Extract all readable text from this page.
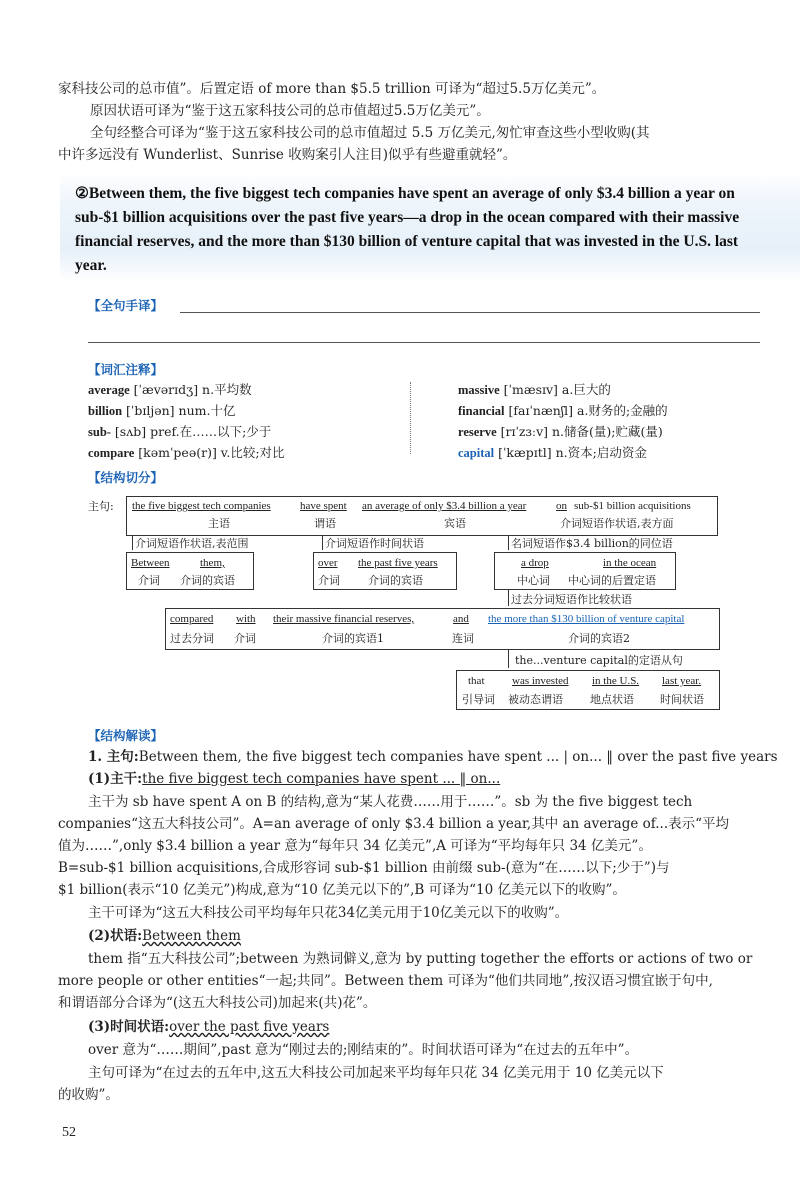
家科技公司的总市值”。后置定语 of more than $5.5 trillion 可译为“超过5.5万亿美元”。
原因状语可译为“鉴于这五家科技公司的总市值超过5.5万亿美元”。
全句经整合可译为“鉴于这五家科技公司的总市值超过 5.5 万亿美元,匆忙审查这些小型收购(其
中许多远没有 Wunderlist、Sunrise 收购案引人注目)似乎有些避重就轻”。
②Between them, the five biggest tech companies have spent an average of only $3.4 billion a year on sub-$1 billion acquisitions over the past five years—a drop in the ocean compared with their massive financial reserves, and the more than $130 billion of venture capital that was invested in the U.S. last year.
【全句手译】
【词汇注释】
average [ˈævərɪdʒ] n.平均数
billion [ˈbɪljən] num.十亿
sub- [sʌb] pref.在……以下;少于
compare [kəmˈpeə(r)] v.比较;对比
massive [ˈmæsɪv] a.巨大的
financial [faɪˈnænʃl] a.财务的;金融的
reserve [rɪˈzɜːv] n.储备(量);贮藏(量)
capital [ˈkæpɪtl] n.资本;启动资金
【结构切分】
主句: the five biggest tech companies
主语
have spent
谓语
an average of only $3.4 billion a year
宾语
on sub-$1 billion acquisitions
介词短语作状语,表方面
介词短语作状语,表范围	介词短语作时间状语	名词短语作$3.4 billion的同位语
Between	them,
介词 介词的宾语
over the past five years
介词	介词的宾语
a drop	in the ocean
中心词 中心词的后置定语
过去分词短语作比较状语
compared
过去分词
with
介词
their massive financial reserves,
介词的宾语1
and
连词
the more than $130 billion of venture capital
介词的宾语2
the...venture capital的定语从句
that
引导词
was invested
被动态谓语
in the U.S.
地点状语
last year.
时间状语
【结构解读】
1. 主句:Between them, the five biggest tech companies have spent ... | on... ‖ over the past five years
(1)主干:the five biggest tech companies have spent ... ‖ on...
主干为 sb have spent A on B 的结构,意为“某人花费……用于……”。sb 为 the five biggest tech
companies“这五大科技公司”。A=an average of only $3.4 billion a year,其中 an average of...表示“平均
值为……”,only $3.4 billion a year 意为“每年只 34 亿美元”,A 可译为“平均每年只 34 亿美元”。
B=sub-$1 billion acquisitions,合成形容词 sub-$1 billion 由前缀 sub-(意为“在……以下;少于”)与
$1 billion(表示“10 亿美元”)构成,意为“10 亿美元以下的”,B 可译为“10 亿美元以下的收购”。
主干可译为“这五大科技公司平均每年只花34亿美元用于10亿美元以下的收购”。
(2)状语:Between them
them 指“五大科技公司”;between 为熟词僻义,意为 by putting together the efforts or actions of two or
more people or other entities“一起;共同”。Between them 可译为“他们共同地”,按汉语习惯宜嵌于句中,
和谓语部分合译为“(这五大科技公司)加起来(共)花”。
(3)时间状语:over the past five years
over 意为“……期间”,past 意为“刚过去的;刚结束的”。时间状语可译为“在过去的五年中”。
主句可译为“在过去的五年中,这五大科技公司加起来平均每年只花 34 亿美元用于 10 亿美元以下
的收购”。
52
